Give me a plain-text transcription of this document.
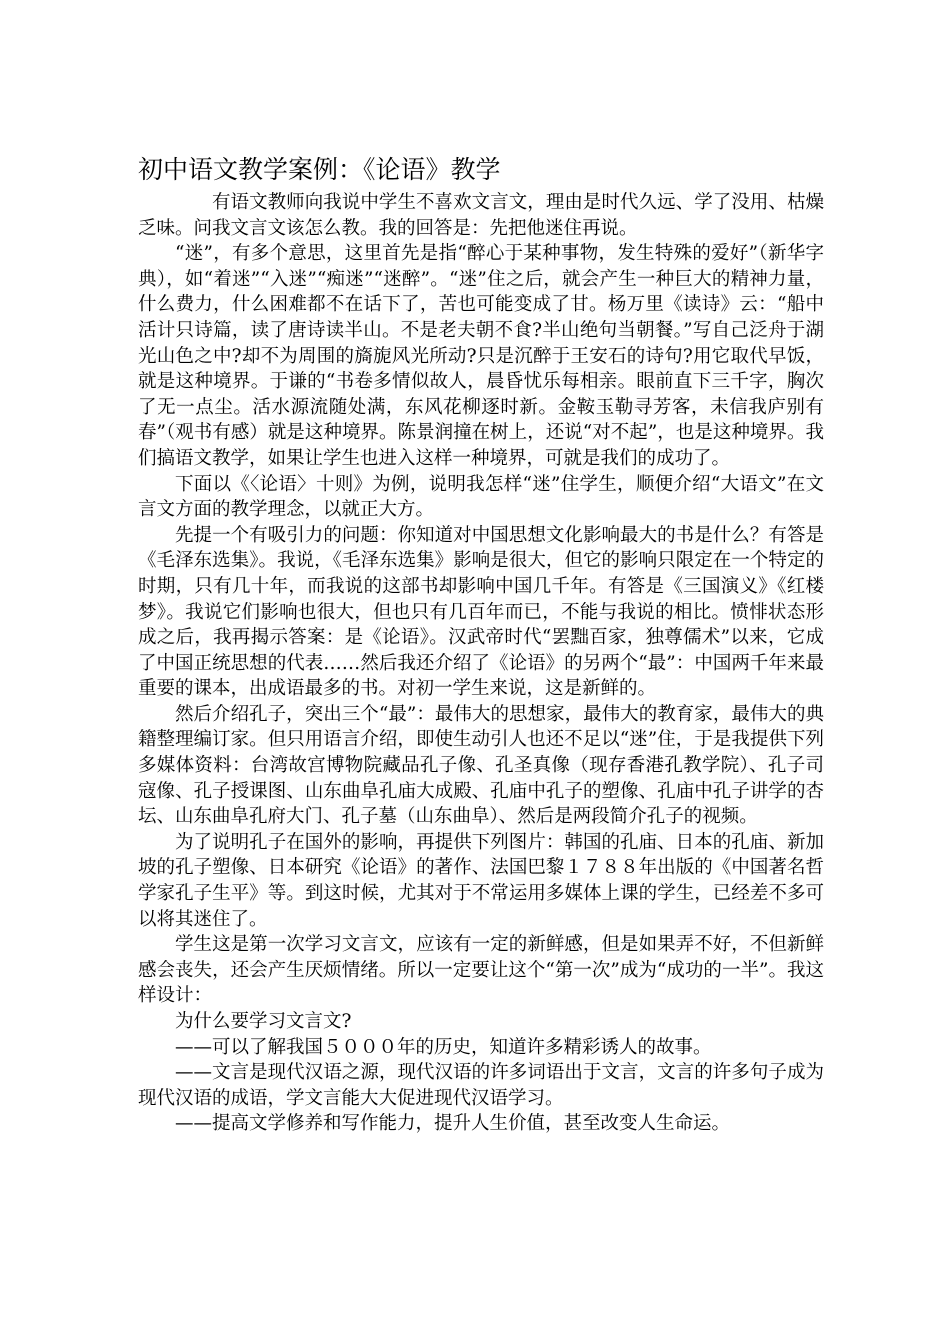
初中语文教学案例：《论语》教学

有语文教师向我说中学生不喜欢文言文，理由是时代久远、学了没用、枯燥乏味。问我文言文该怎么教。我的回答是：先把他迷住再说。

“迷”，有多个意思，这里首先是指“醉心于某种事物，发生特殊的爱好”（新华字典），如“着迷”“入迷”“痴迷”“迷醉”。“迷”住之后，就会产生一种巨大的精神力量，什么费力，什么困难都不在话下了，苦也可能变成了甘。杨万里《读诗》云：“船中活计只诗篇，读了唐诗读半山。不是老夫朝不食?半山绝句当朝餐。”写自己泛舟于湖光山色之中?却不为周围的旖旎风光所动?只是沉醉于王安石的诗句?用它取代早饭，就是这种境界。于谦的“书卷多情似故人，晨昏忧乐每相亲。眼前直下三千字，胸次了无一点尘。活水源流随处满，东风花柳逐时新。金鞍玉勒寻芳客，未信我庐别有春”（观书有感）就是这种境界。陈景润撞在树上，还说“对不起”，也是这种境界。我们搞语文教学，如果让学生也进入这样一种境界，可就是我们的成功了。

下面以《〈论语〉十则》为例，说明我怎样“迷”住学生，顺便介绍“大语文”在文言文方面的教学理念，以就正大方。

先提一个有吸引力的问题：你知道对中国思想文化影响最大的书是什么？有答是《毛泽东选集》。我说，《毛泽东选集》影响是很大，但它的影响只限定在一个特定的时期，只有几十年，而我说的这部书却影响中国几千年。有答是《三国演义》《红楼梦》。我说它们影响也很大，但也只有几百年而已，不能与我说的相比。愤悱状态形成之后，我再揭示答案：是《论语》。汉武帝时代“罢黜百家，独尊儒术”以来，它成了中国正统思想的代表……然后我还介绍了《论语》的另两个“最”：中国两千年来最重要的课本，出成语最多的书。对初一学生来说，这是新鲜的。

然后介绍孔子，突出三个“最”：最伟大的思想家，最伟大的教育家，最伟大的典籍整理编订家。但只用语言介绍，即使生动引人也还不足以“迷”住，于是我提供下列多媒体资料：台湾故宫博物院藏品孔子像、孔圣真像（现存香港孔教学院）、孔子司寇像、孔子授课图、山东曲阜孔庙大成殿、孔庙中孔子的塑像、孔庙中孔子讲学的杏坛、山东曲阜孔府大门、孔子墓（山东曲阜）、然后是两段简介孔子的视频。

为了说明孔子在国外的影响，再提供下列图片：韩国的孔庙、日本的孔庙、新加坡的孔子塑像、日本研究《论语》的著作、法国巴黎１７８８年出版的《中国著名哲学家孔子生平》等。到这时候，尤其对于不常运用多媒体上课的学生，已经差不多可以将其迷住了。

学生这是第一次学习文言文，应该有一定的新鲜感，但是如果弄不好，不但新鲜感会丧失，还会产生厌烦情绪。所以一定要让这个“第一次”成为“成功的一半”。我这样设计：

为什么要学习文言文?

——可以了解我国５０００年的历史，知道许多精彩诱人的故事。

——文言是现代汉语之源，现代汉语的许多词语出于文言，文言的许多句子成为现代汉语的成语，学文言能大大促进现代汉语学习。

——提高文学修养和写作能力，提升人生价值，甚至改变人生命运。
